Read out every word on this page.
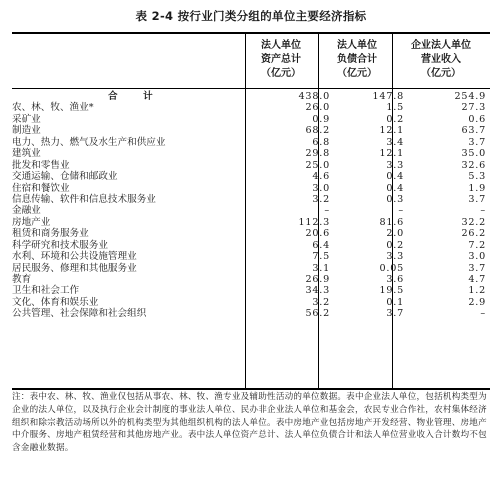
表 2-4 按行业门类分组的单位主要经济指标
法人单位
资产总计
（亿元）
法人单位
负债合计
（亿元）
企业法人单位
营业收入
（亿元）
合　计	438.0	147.8	254.9
农、林、牧、渔业*	26.0	1.5	27.3
采矿业	0.9	0.2	0.6
制造业	68.2	12.1	63.7
电力、热力、燃气及水生产和供应业	6.8	3.4	3.7
建筑业	29.8	12.1	35.0
批发和零售业	25.0	3.3	32.6
交通运输、仓储和邮政业	4.6	0.4	5.3
住宿和餐饮业	3.0	0.4	1.9
信息传输、软件和信息技术服务业	3.2	0.3	3.7
金融业	–	–	–
房地产业	112.3	81.6	32.2
租赁和商务服务业	20.6	2.0	26.2
科学研究和技术服务业	6.4	0.2	7.2
水利、环境和公共设施管理业	7.5	3.3	3.0
居民服务、修理和其他服务业	3.1	0.05	3.7
教育	26.9	3.6	4.7
卫生和社会工作	34.3	19.5	1.2
文化、体育和娱乐业	3.2	0.1	2.9
公共管理、社会保障和社会组织	56.2	3.7	–
注：表中农、林、牧、渔业仅包括从事农、林、牧、渔专业及辅助性活动的单位数据。表中企业法人单位，包括机构类型为企业的法人单位，以及执行企业会计制度的事业法人单位、民办非企业法人单位和基金会，农民专业合作社，农村集体经济组织和除宗教活动场所以外的机构类型为其他组织机构的法人单位。表中房地产业包括房地产开发经营、物业管理、房地产中介服务、房地产租赁经营和其他房地产业。表中法人单位资产总计、法人单位负债合计和法人单位营业收入合计数均不包含金融业数据。
